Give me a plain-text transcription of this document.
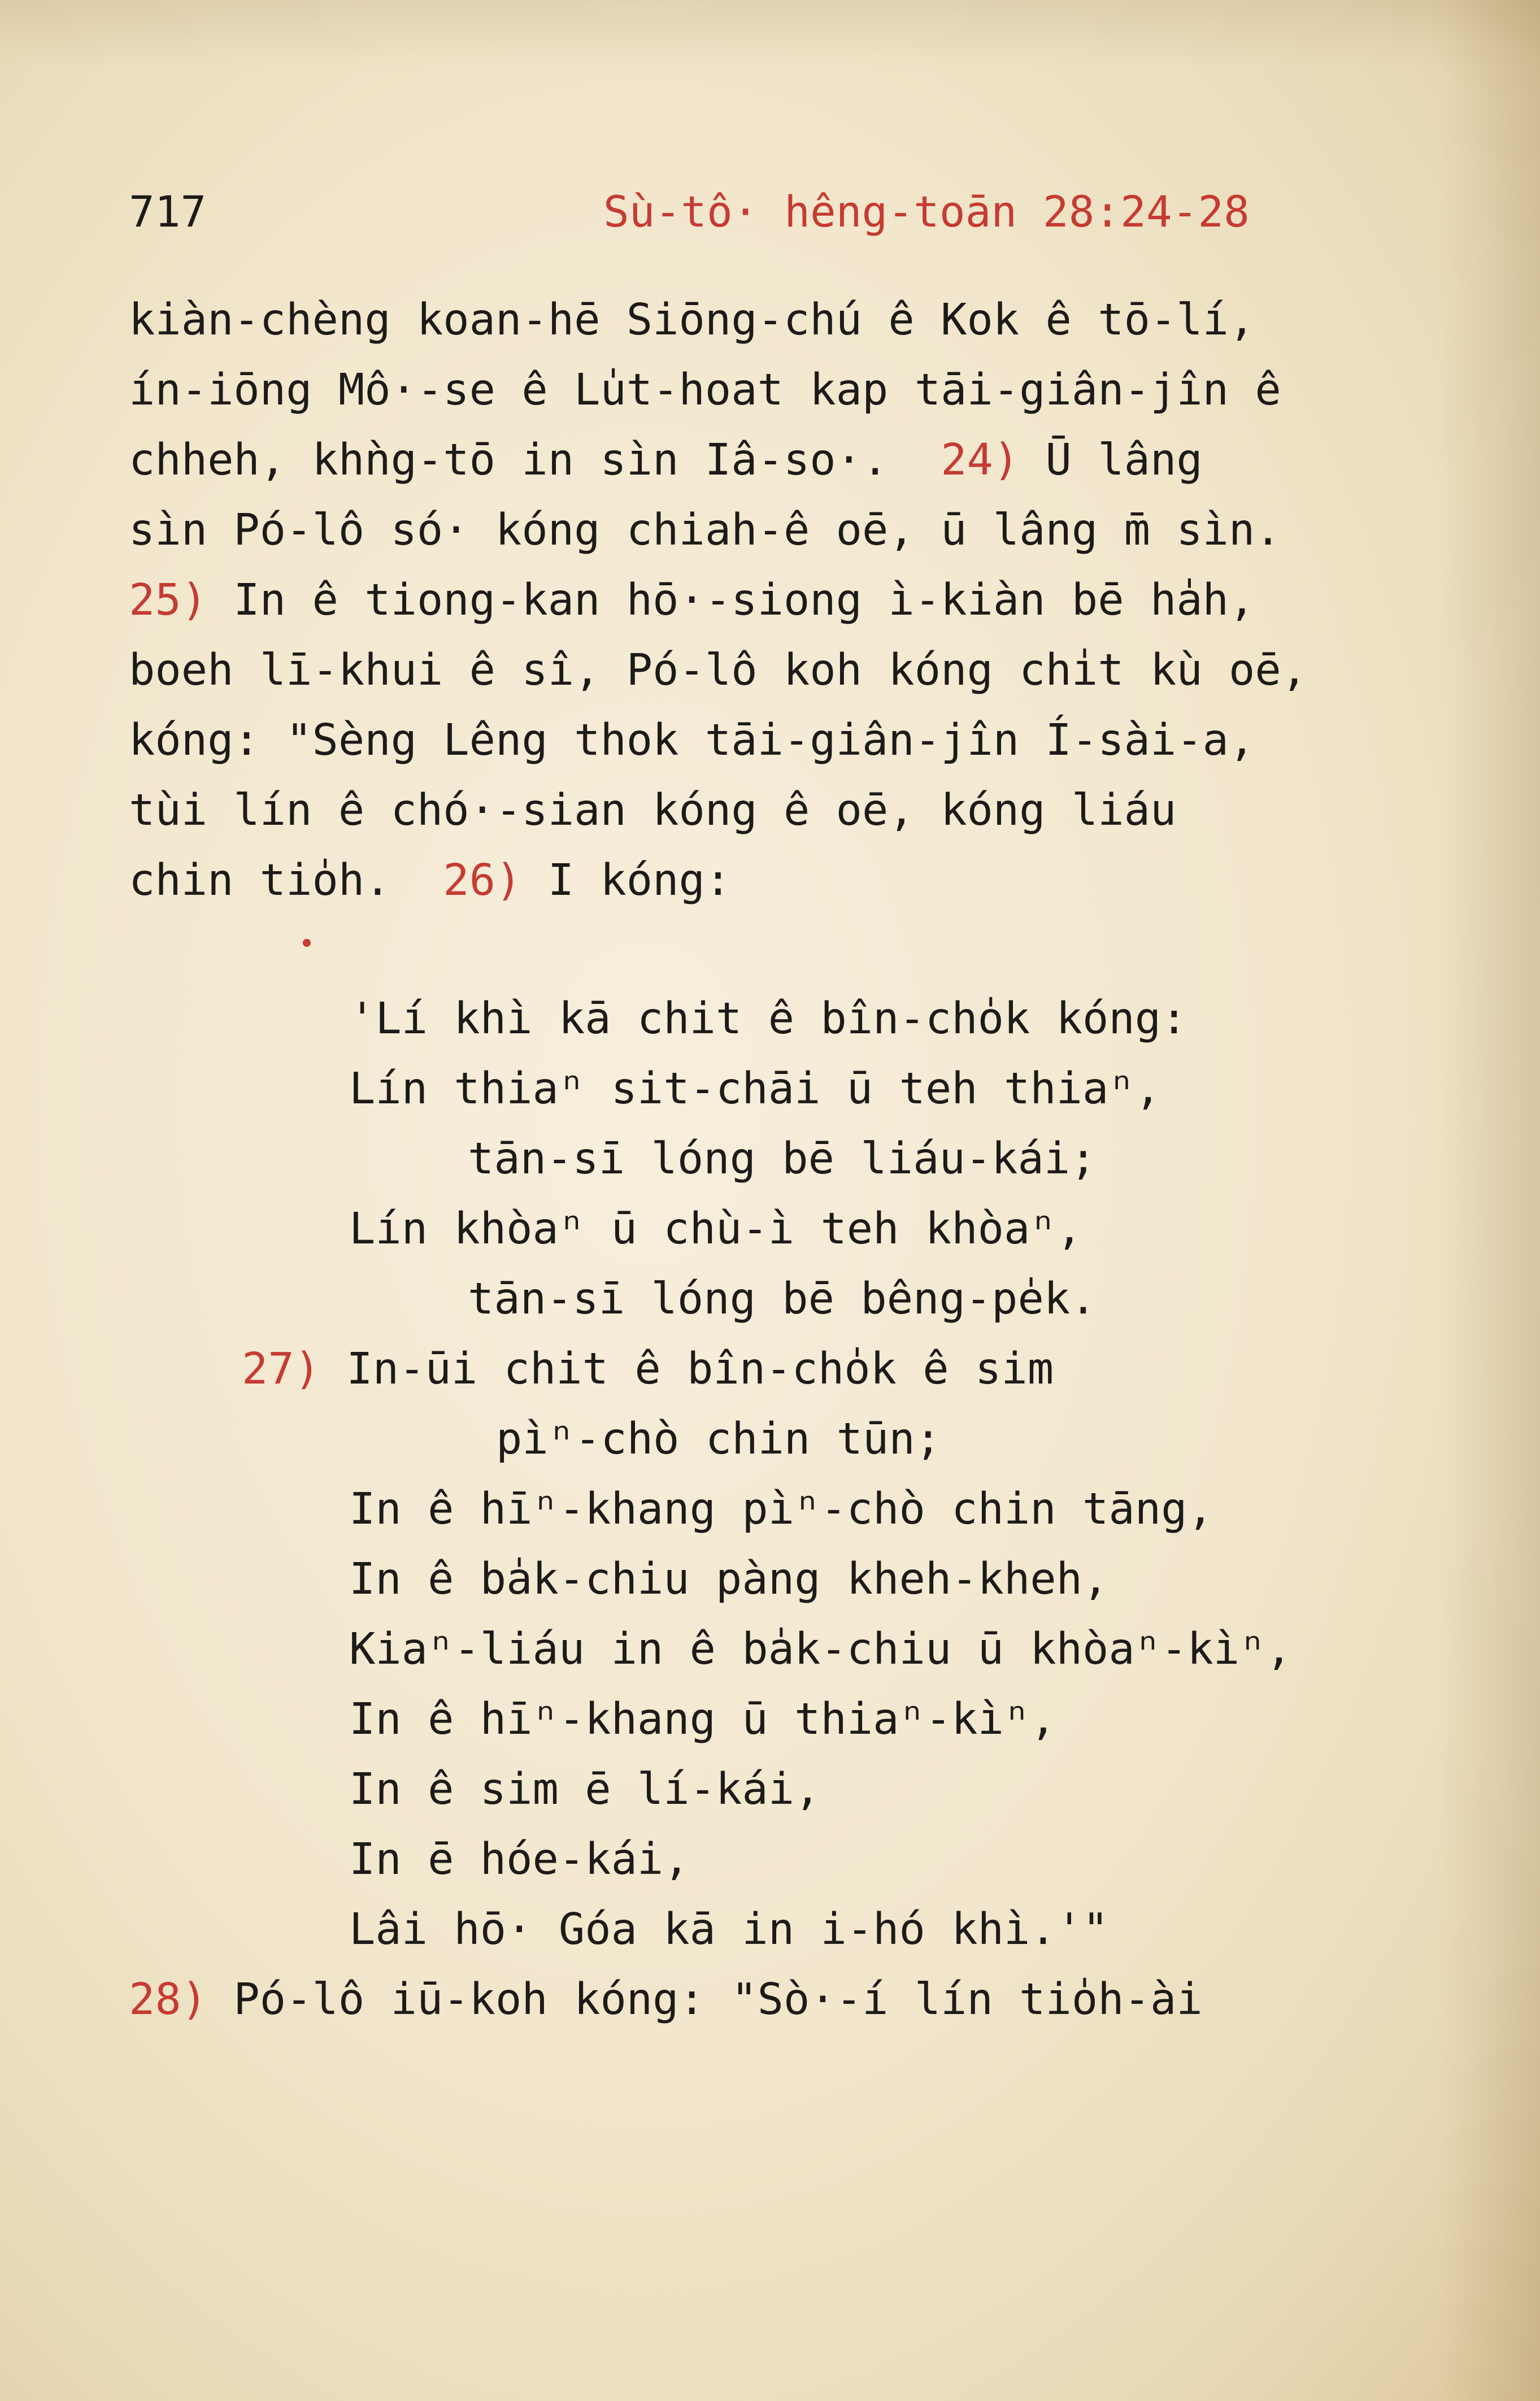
717	Sù-tô· hêng-toān 28:24-28
kiàn-chèng koan-hē Siōng-chú ê Kok ê tō-lí,
ín-iōng Mô·-se ê Lu̍t-hoat kap tāi-giân-jîn ê
chheh, khǹg-tō in sìn Iâ-so·.  24) Ū lâng
sìn Pó-lô só· kóng chiah-ê oē, ū lâng m̄ sìn.
25) In ê tiong-kan hō·-siong ì-kiàn bē ha̍h,
boeh lī-khui ê sî, Pó-lô koh kóng chi̍t kù oē,
kóng: "Sèng Lêng thok tāi-giân-jîn Í-sài-a,
tùi lín ê chó·-sian kóng ê oē, kóng liáu
chin tio̍h.  26) I kóng:
'Lí khì kā chit ê bîn-cho̍k kóng:
Lín thiaⁿ sit-chāi ū teh thiaⁿ,
tān-sī lóng bē liáu-kái;
Lín khòaⁿ ū chù-ì teh khòaⁿ,
tān-sī lóng bē bêng-pe̍k.
27) In-ūi chit ê bîn-cho̍k ê sim
pìⁿ-chò chin tūn;
In ê hīⁿ-khang pìⁿ-chò chin tāng,
In ê ba̍k-chiu pàng kheh-kheh,
Kiaⁿ-liáu in ê ba̍k-chiu ū khòaⁿ-kìⁿ,
In ê hīⁿ-khang ū thiaⁿ-kìⁿ,
In ê sim ē lí-kái,
In ē hóe-kái,
Lâi hō· Góa kā in i-hó khì.'"
28) Pó-lô iū-koh kóng: "Sò·-í lín tio̍h-ài
